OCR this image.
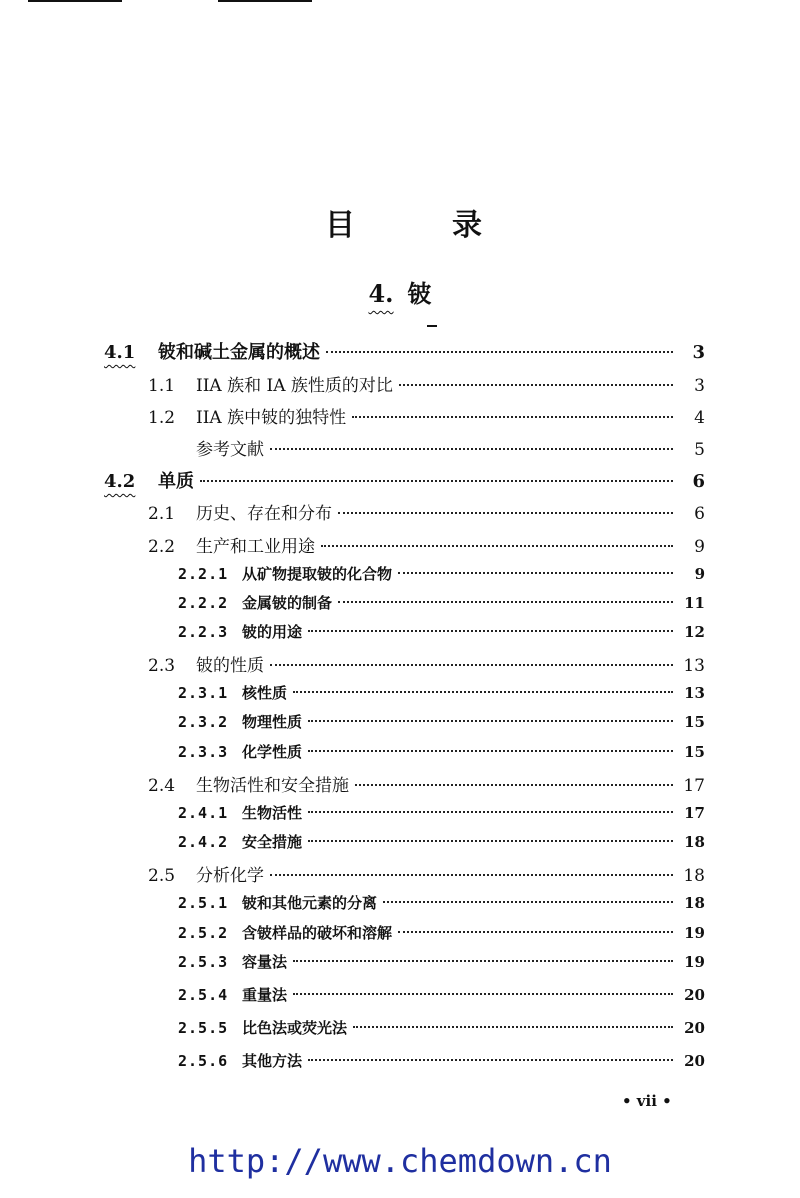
目	录
4. 铍
4.1	铍和碱土金属的概述	3
1.1	IIA 族和 IA 族性质的对比	3
1.2	IIA 族中铍的独特性	4
参考文献	5
4.2	单质	6
2.1	历史、存在和分布	6
2.2	生产和工业用途	9
2.2.1 从矿物提取铍的化合物	9
2.2.2 金属铍的制备	11
2.2.3 铍的用途	12
2.3	铍的性质	13
2.3.1 核性质	13
2.3.2 物理性质	15
2.3.3 化学性质	15
2.4	生物活性和安全措施	17
2.4.1 生物活性	17
2.4.2 安全措施	18
2.5	分析化学	18
2.5.1 铍和其他元素的分离	18
2.5.2 含铍样品的破坏和溶解	19
2.5.3 容量法	19
2.5.4 重量法	20
2.5.5 比色法或荧光法	20
2.5.6 其他方法	20
• vii •
http://www.chemdown.cn
